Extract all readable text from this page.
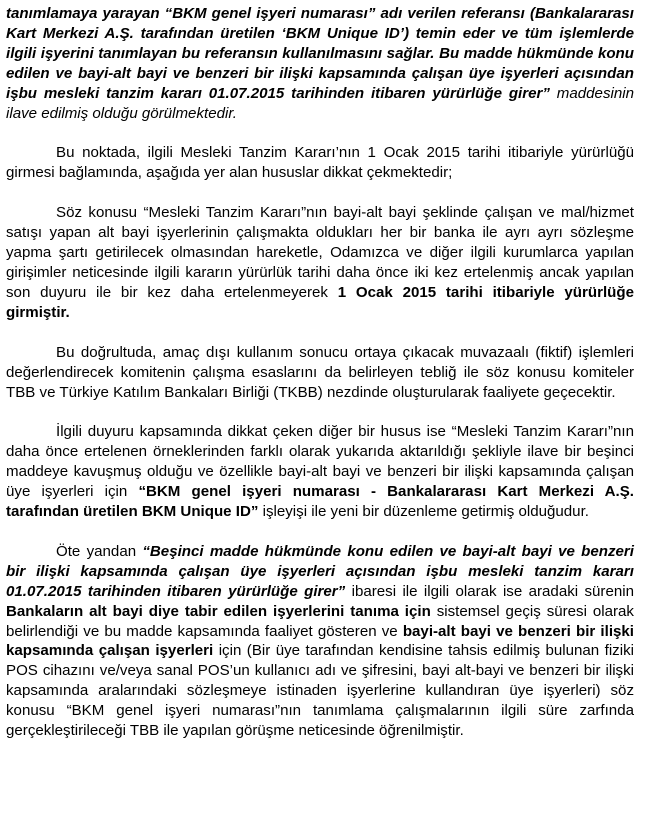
tanımlamaya yarayan “BKM genel işyeri numarası” adı verilen referansı (Bankalararası Kart Merkezi A.Ş. tarafından üretilen ‘BKM Unique ID’) temin eder ve tüm işlemlerde ilgili işyerini tanımlayan bu referansın kullanılmasını sağlar. Bu madde hükmünde konu edilen ve bayi-alt bayi ve benzeri bir ilişki kapsamında çalışan üye işyerleri açısından işbu mesleki tanzim kararı 01.07.2015 tarihinden itibaren yürürlüğe girer” maddesinin ilave edilmiş olduğu görülmektedir.

Bu noktada, ilgili Mesleki Tanzim Kararı’nın 1 Ocak 2015 tarihi itibariyle yürürlüğü girmesi bağlamında, aşağıda yer alan hususlar dikkat çekmektedir;

Söz konusu “Mesleki Tanzim Kararı”nın bayi-alt bayi şeklinde çalışan ve mal/hizmet satışı yapan alt bayi işyerlerinin çalışmakta oldukları her bir banka ile ayrı ayrı sözleşme yapma şartı getirilecek olmasından hareketle, Odamızca ve diğer ilgili kurumlarca yapılan girişimler neticesinde ilgili kararın yürürlük tarihi daha önce iki kez ertelenmiş ancak yapılan son duyuru ile bir kez daha ertelenmeyerek 1 Ocak 2015 tarihi itibariyle yürürlüğe girmiştir.

Bu doğrultuda, amaç dışı kullanım sonucu ortaya çıkacak muvazaalı (fiktif) işlemleri değerlendirecek komitenin çalışma esaslarını da belirleyen tebliğ ile söz konusu komiteler TBB ve Türkiye Katılım Bankaları Birliği (TKBB) nezdinde oluşturularak faaliyete geçecektir.

İlgili duyuru kapsamında dikkat çeken diğer bir husus ise “Mesleki Tanzim Kararı”nın daha önce ertelenen örneklerinden farklı olarak yukarıda aktarıldığı şekliyle ilave bir beşinci maddeye kavuşmuş olduğu ve özellikle bayi-alt bayi ve benzeri bir ilişki kapsamında çalışan üye işyerleri için “BKM genel işyeri numarası - Bankalararası Kart Merkezi A.Ş. tarafından üretilen BKM Unique ID” işleyişi ile yeni bir düzenleme getirmiş olduğudur.

Öte yandan “Beşinci madde hükmünde konu edilen ve bayi-alt bayi ve benzeri bir ilişki kapsamında çalışan üye işyerleri açısından işbu mesleki tanzim kararı 01.07.2015 tarihinden itibaren yürürlüğe girer” ibaresi ile ilgili olarak ise aradaki sürenin Bankaların alt bayi diye tabir edilen işyerlerini tanıma için sistemsel geçiş süresi olarak belirlendiği ve bu madde kapsamında faaliyet gösteren ve bayi-alt bayi ve benzeri bir ilişki kapsamında çalışan işyerleri için (Bir üye tarafından kendisine tahsis edilmiş bulunan fiziki POS cihazını ve/veya sanal POS’un kullanıcı adı ve şifresini, bayi alt-bayi ve benzeri bir ilişki kapsamında aralarındaki sözleşmeye istinaden işyerlerine kullandıran üye işyerleri) söz konusu “BKM genel işyeri numarası”nın tanımlama çalışmalarının ilgili süre zarfında gerçekleştirileceği TBB ile yapılan görüşme neticesinde öğrenilmiştir.
